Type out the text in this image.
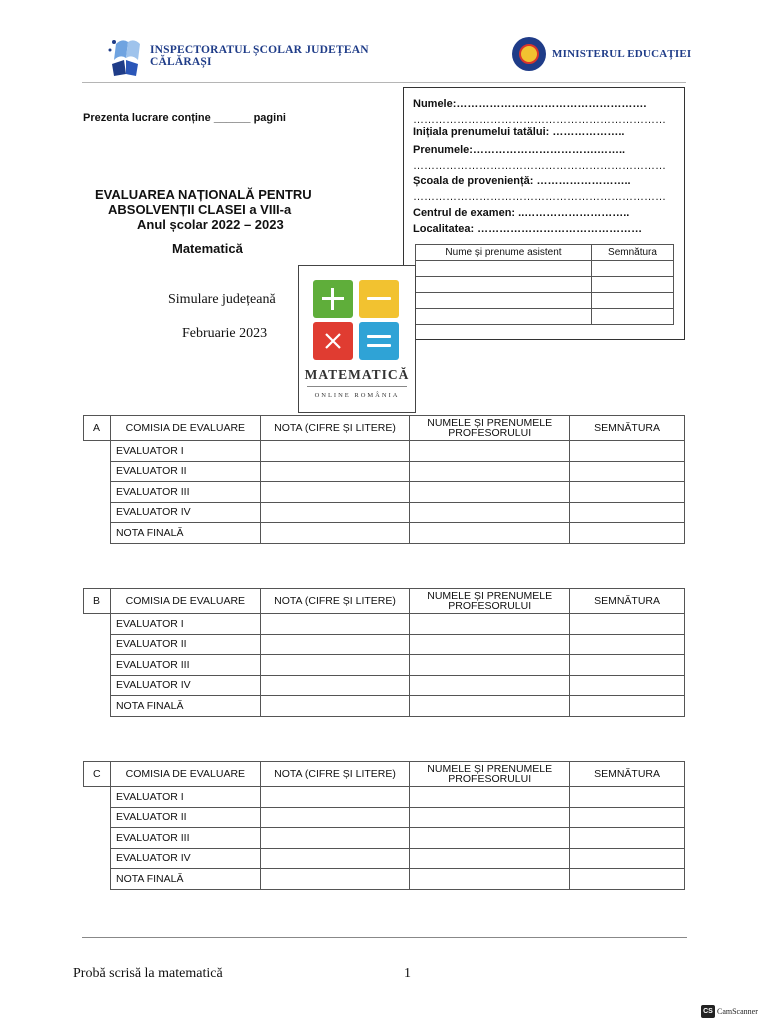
INSPECTORATUL ȘCOLAR JUDEȚEAN CĂLĂRAȘI
MINISTERUL EDUCAȚIEI
Prezenta lucrare conține ______ pagini
Numele:…………………………………………….
……………………………………………………………
Inițiala prenumelui tatălui: ………………..
Prenumele:…………………………….……..
……………………………………………………………
Școala de proveniență: ……………………..
……………………………………………………………
Centrul de examen: ..………………………..
Localitatea: ………………………………………
Nume și prenume asistent	Semnătura

EVALUAREA NAȚIONALĂ PENTRU
ABSOLVENȚII CLASEI a VIII-a
Anul școlar 2022 – 2023
Matematică
Simulare județeană
Februarie 2023
MATEMATICĂ
ONLINE ROMÂNIA
A	COMISIA DE EVALUARE	NOTA (CIFRE ȘI LITERE)	NUMELE ȘI PRENUMELE PROFESORULUI	SEMNĂTURA
	EVALUATOR I			
	EVALUATOR II			
	EVALUATOR III			
	EVALUATOR IV			
	NOTA FINALĂ			
B	COMISIA DE EVALUARE	NOTA (CIFRE ȘI LITERE)	NUMELE ȘI PRENUMELE PROFESORULUI	SEMNĂTURA
	EVALUATOR I			
	EVALUATOR II			
	EVALUATOR III			
	EVALUATOR IV			
	NOTA FINALĂ			
C	COMISIA DE EVALUARE	NOTA (CIFRE ȘI LITERE)	NUMELE ȘI PRENUMELE PROFESORULUI	SEMNĂTURA
	EVALUATOR I			
	EVALUATOR II			
	EVALUATOR III			
	EVALUATOR IV			
	NOTA FINALĂ			
Probă scrisă la matematică	1
CS CamScanner
